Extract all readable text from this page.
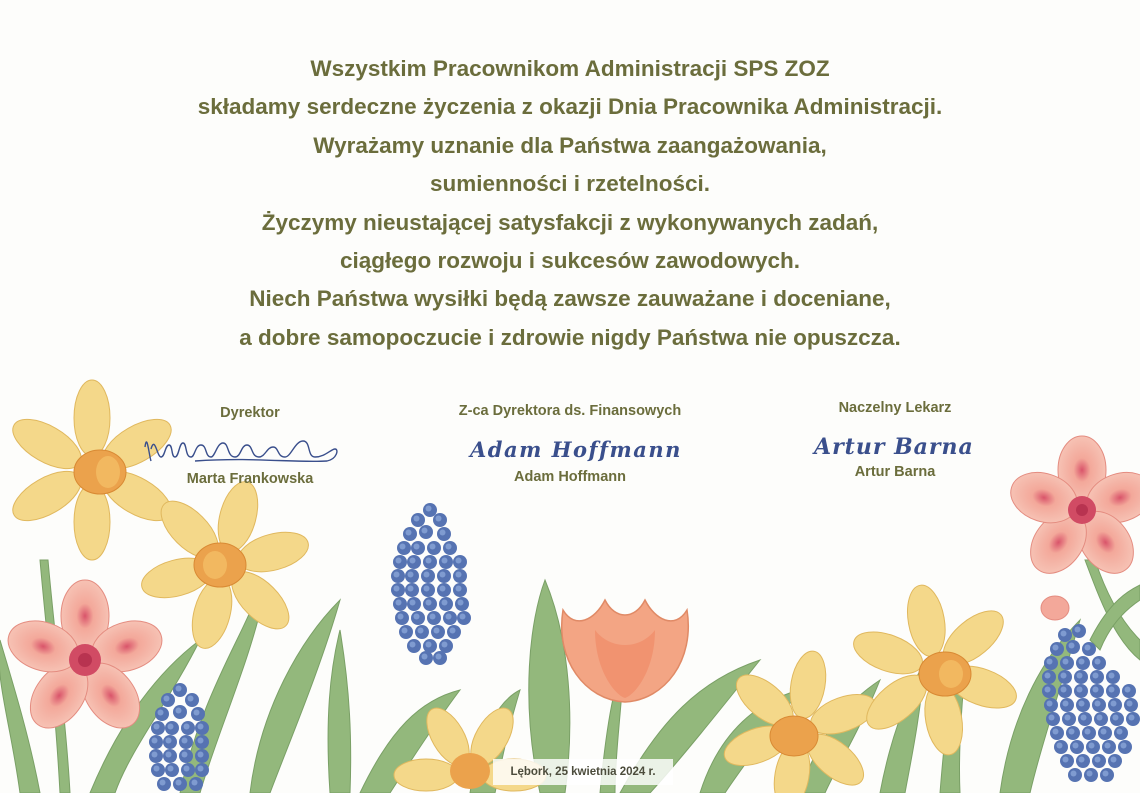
Wszystkim Pracownikom Administracji SPS ZOZ
składamy serdeczne życzenia z okazji Dnia Pracownika Administracji.
Wyrażamy uznanie dla Państwa zaangażowania,
sumienności i rzetelności.
Życzymy nieustającej satysfakcji z wykonywanych zadań,
ciągłego rozwoju i sukcesów zawodowych.
Niech Państwa wysiłki będą zawsze zauważane i doceniane,
a dobre samopoczucie i zdrowie nigdy Państwa nie opuszcza.
Dyrektor
Marta Frankowska
Z-ca Dyrektora ds. Finansowych
Adam Hoffmann
Adam Hoffmann
Naczelny Lekarz
Artur Barna
Artur Barna
Lębork, 25 kwietnia 2024 r.
